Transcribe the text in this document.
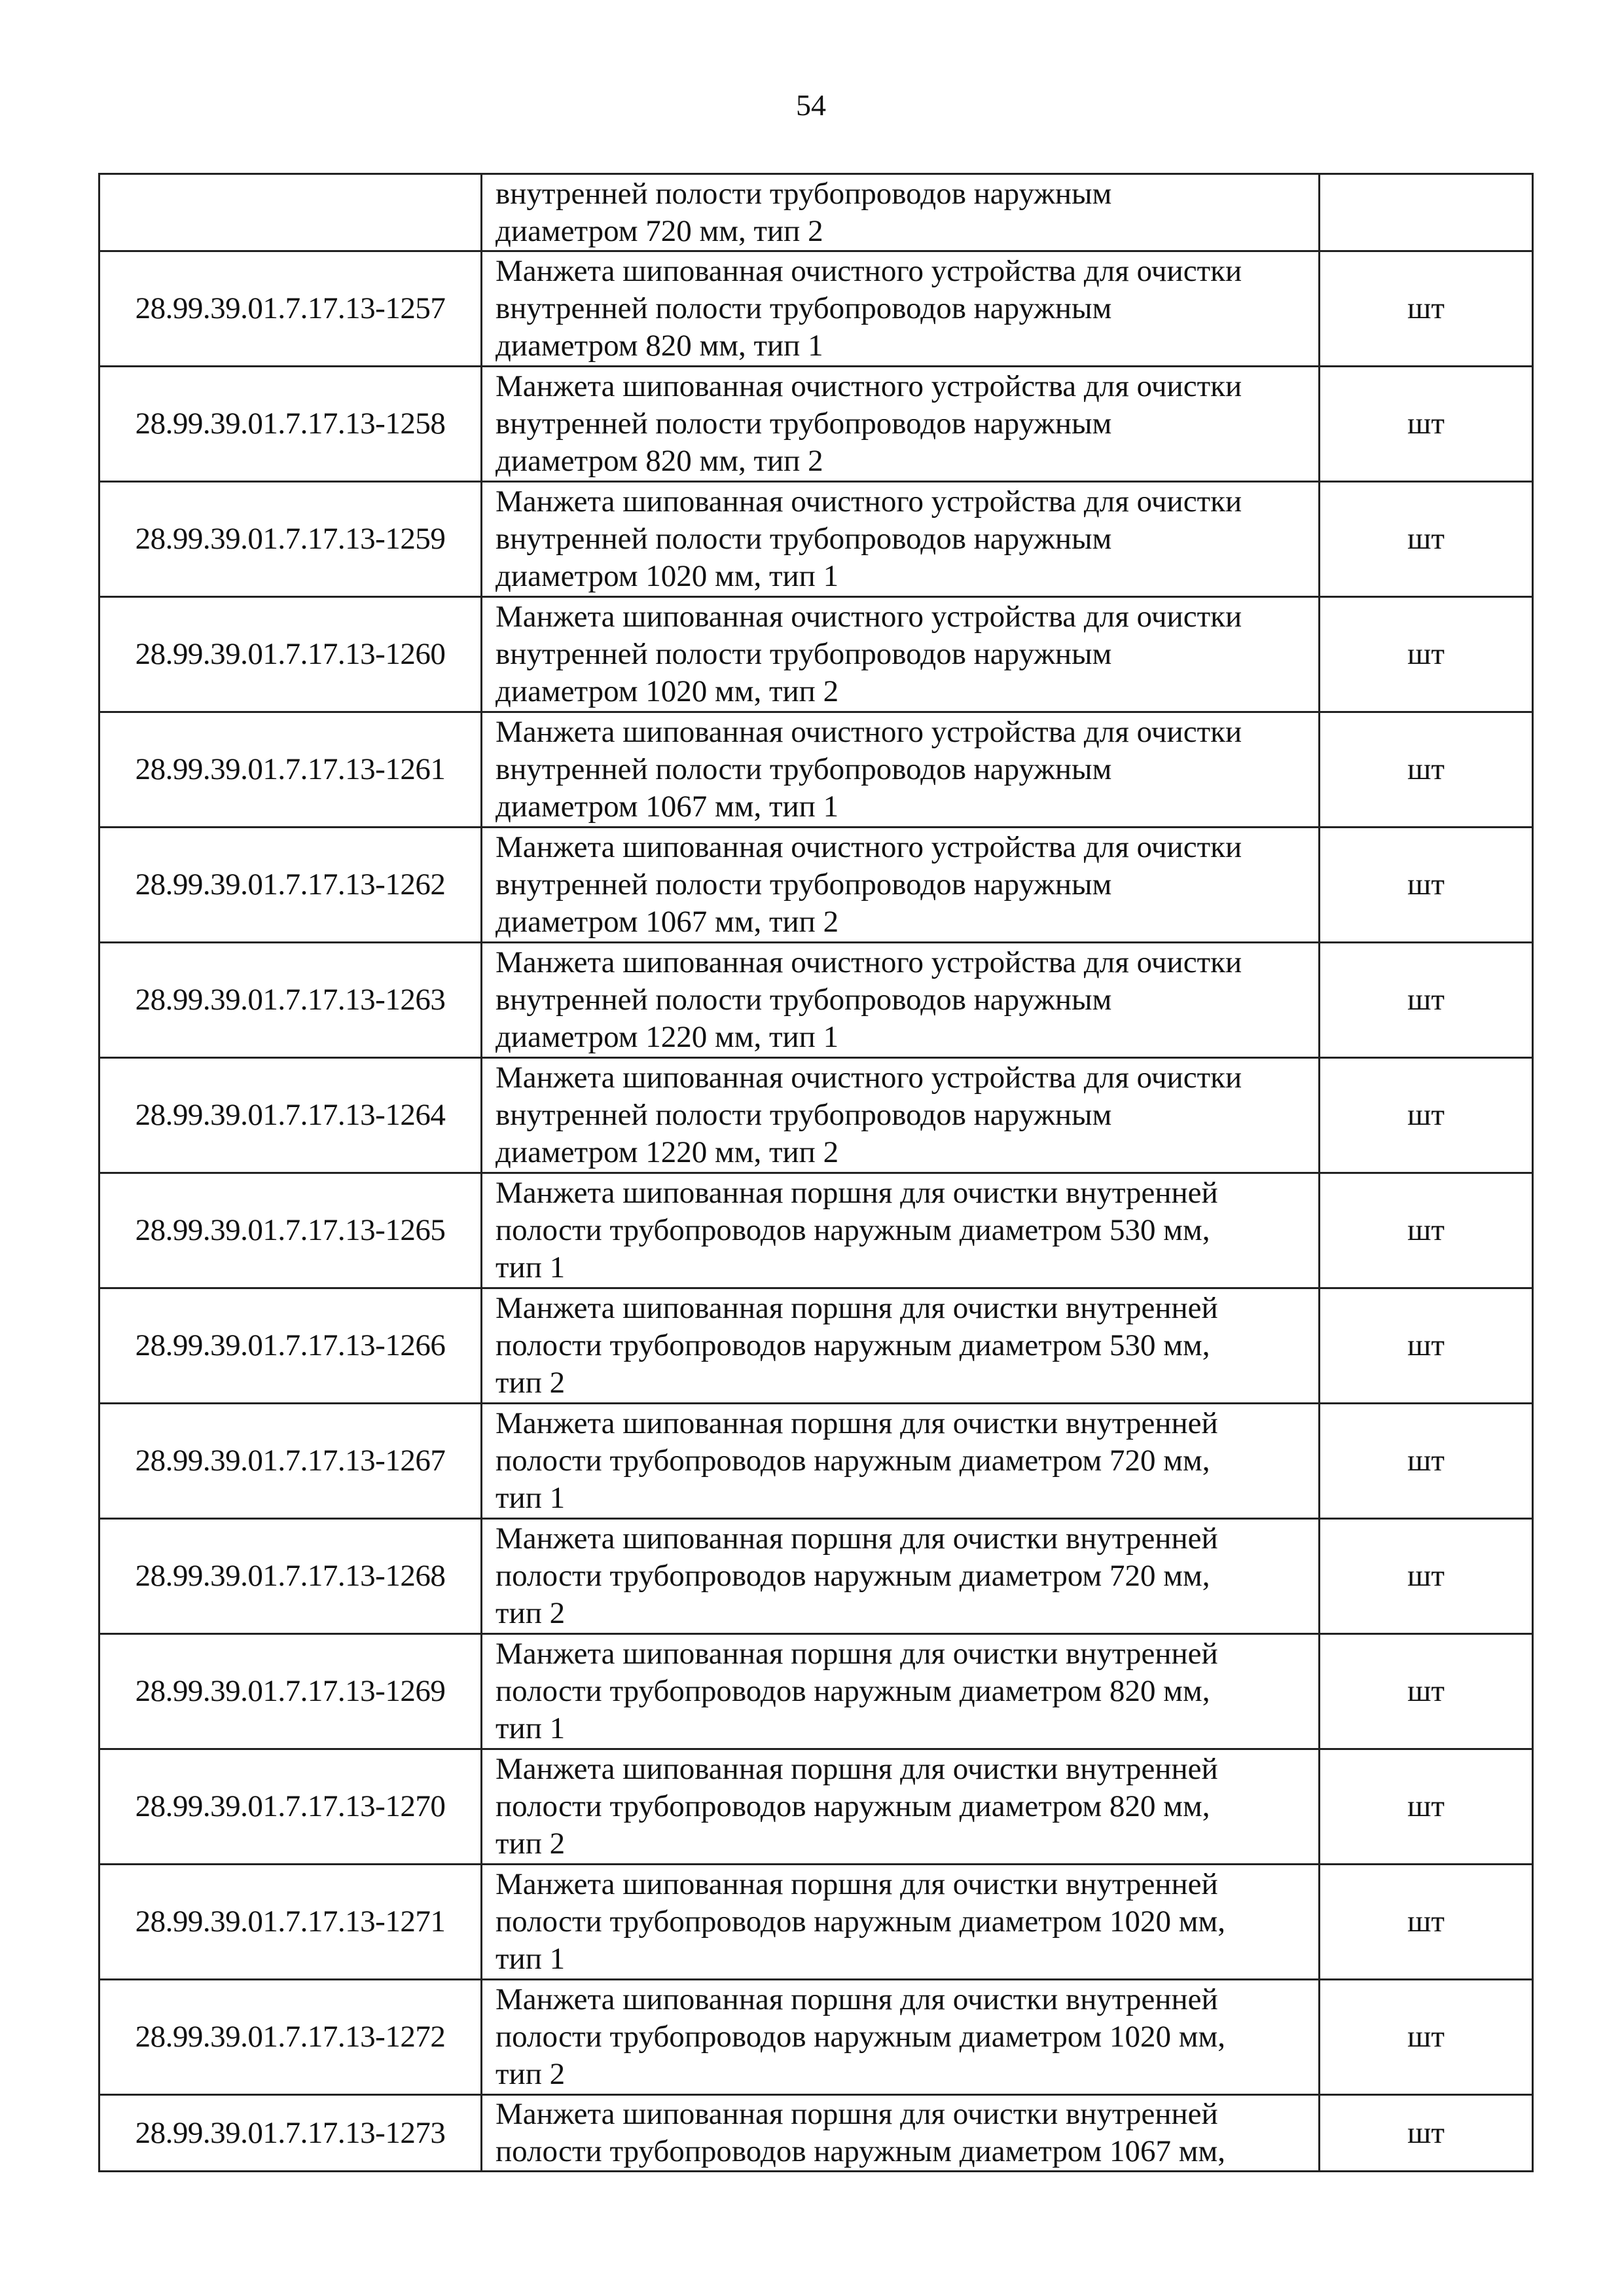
54

	внутренней полости трубопроводов наружным
диаметром 720 мм, тип 2	

28.99.39.01.7.17.13-1257	Манжета шипованная очистного устройства для очистки
внутренней полости трубопроводов наружным
диаметром 820 мм, тип 1	шт
28.99.39.01.7.17.13-1258	Манжета шипованная очистного устройства для очистки
внутренней полости трубопроводов наружным
диаметром 820 мм, тип 2	шт
28.99.39.01.7.17.13-1259	Манжета шипованная очистного устройства для очистки
внутренней полости трубопроводов наружным
диаметром 1020 мм, тип 1	шт
28.99.39.01.7.17.13-1260	Манжета шипованная очистного устройства для очистки
внутренней полости трубопроводов наружным
диаметром 1020 мм, тип 2	шт
28.99.39.01.7.17.13-1261	Манжета шипованная очистного устройства для очистки
внутренней полости трубопроводов наружным
диаметром 1067 мм, тип 1	шт
28.99.39.01.7.17.13-1262	Манжета шипованная очистного устройства для очистки
внутренней полости трубопроводов наружным
диаметром 1067 мм, тип 2	шт
28.99.39.01.7.17.13-1263	Манжета шипованная очистного устройства для очистки
внутренней полости трубопроводов наружным
диаметром 1220 мм, тип 1	шт
28.99.39.01.7.17.13-1264	Манжета шипованная очистного устройства для очистки
внутренней полости трубопроводов наружным
диаметром 1220 мм, тип 2	шт
28.99.39.01.7.17.13-1265	Манжета шипованная поршня для очистки внутренней
полости трубопроводов наружным диаметром 530 мм,
тип 1	шт
28.99.39.01.7.17.13-1266	Манжета шипованная поршня для очистки внутренней
полости трубопроводов наружным диаметром 530 мм,
тип 2	шт
28.99.39.01.7.17.13-1267	Манжета шипованная поршня для очистки внутренней
полости трубопроводов наружным диаметром 720 мм,
тип 1	шт
28.99.39.01.7.17.13-1268	Манжета шипованная поршня для очистки внутренней
полости трубопроводов наружным диаметром 720 мм,
тип 2	шт
28.99.39.01.7.17.13-1269	Манжета шипованная поршня для очистки внутренней
полости трубопроводов наружным диаметром 820 мм,
тип 1	шт
28.99.39.01.7.17.13-1270	Манжета шипованная поршня для очистки внутренней
полости трубопроводов наружным диаметром 820 мм,
тип 2	шт
28.99.39.01.7.17.13-1271	Манжета шипованная поршня для очистки внутренней
полости трубопроводов наружным диаметром 1020 мм,
тип 1	шт
28.99.39.01.7.17.13-1272	Манжета шипованная поршня для очистки внутренней
полости трубопроводов наружным диаметром 1020 мм,
тип 2	шт
28.99.39.01.7.17.13-1273	Манжета шипованная поршня для очистки внутренней
полости трубопроводов наружным диаметром 1067 мм,	шт
